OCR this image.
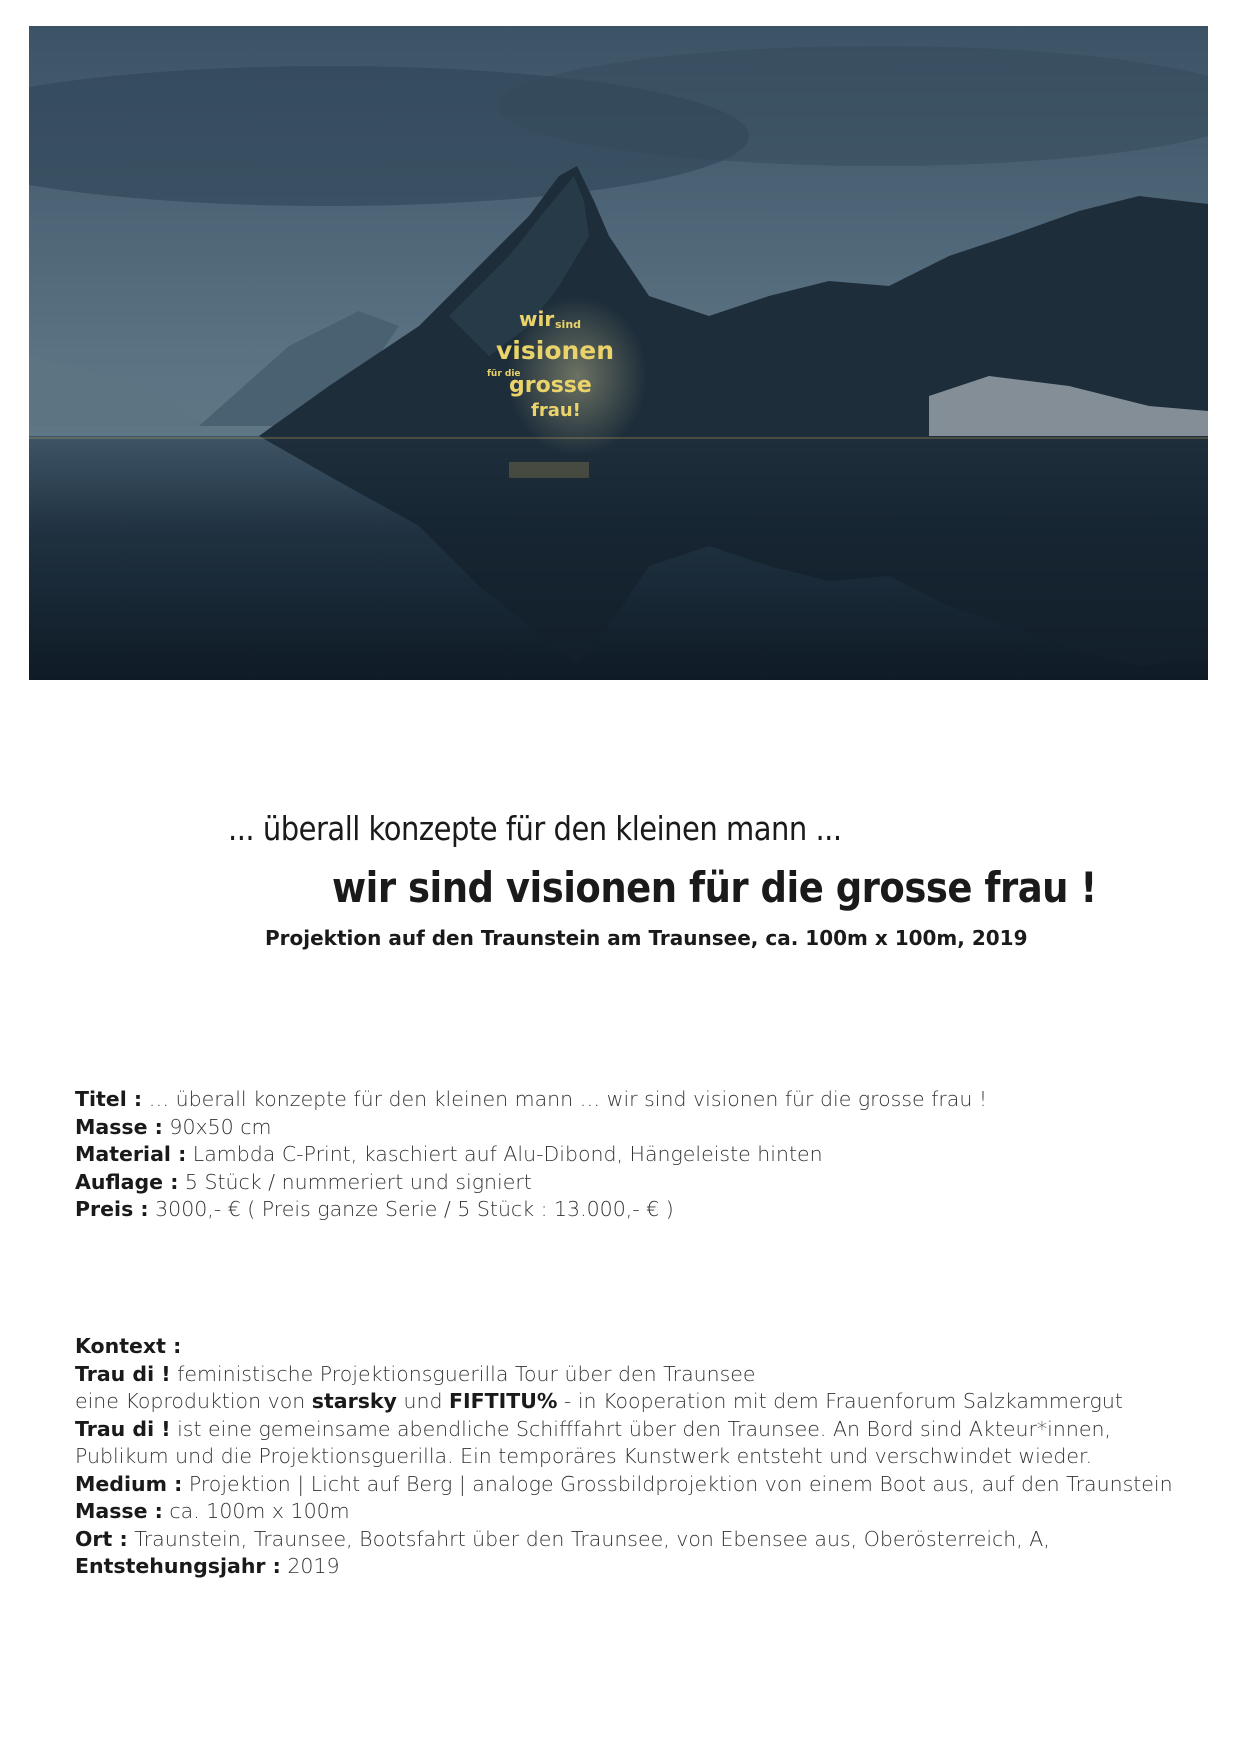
wir sind
visionen
für die
grosse
frau!
... überall konzepte für den kleinen mann ...
wir sind visionen für die grosse frau !
Projektion auf den Traunstein am Traunsee, ca. 100m x 100m, 2019
Titel : … überall konzepte für den kleinen mann … wir sind visionen für die grosse frau !
Masse : 90x50 cm
Material : Lambda C-Print, kaschiert auf Alu-Dibond, Hängeleiste hinten
Auflage : 5 Stück / nummeriert und signiert
Preis : 3000,- € ( Preis ganze Serie / 5 Stück : 13.000,- € )
Kontext :
Trau di ! feministische Projektionsguerilla Tour über den Traunsee
eine Koproduktion von starsky und FIFTITU% - in Kooperation mit dem Frauenforum Salzkammergut
Trau di ! ist eine gemeinsame abendliche Schifffahrt über den Traunsee. An Bord sind Akteur*innen,
Publikum und die Projektionsguerilla. Ein temporäres Kunstwerk entsteht und verschwindet wieder.
Medium : Projektion | Licht auf Berg | analoge Grossbildprojektion von einem Boot aus, auf den Traunstein
Masse : ca. 100m x 100m
Ort : Traunstein, Traunsee, Bootsfahrt über den Traunsee, von Ebensee aus, Oberösterreich, A,
Entstehungsjahr : 2019
